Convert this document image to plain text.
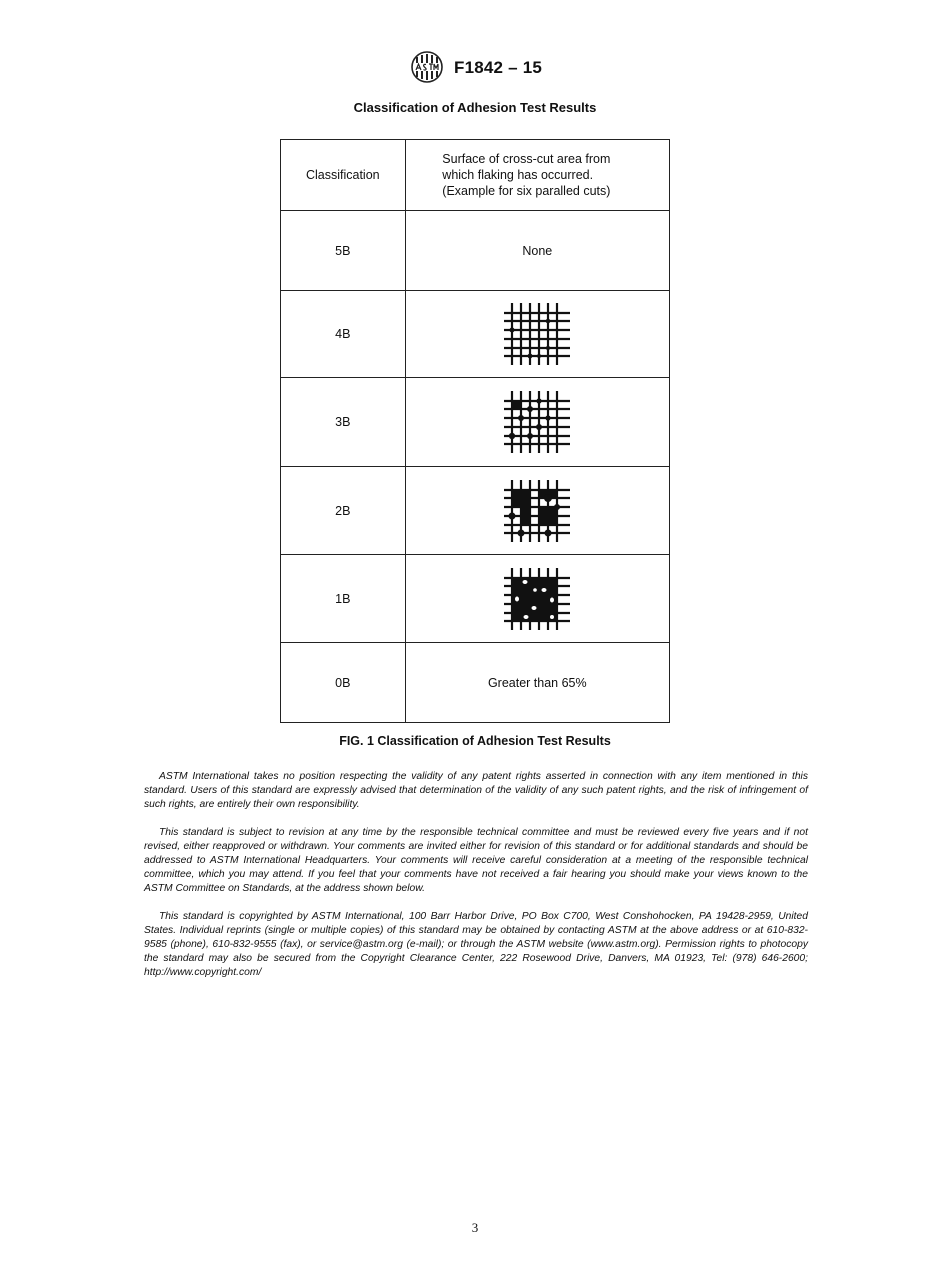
F1842 – 15
Classification of Adhesion Test Results
Classification	Surface of cross-cut area from which flaking has occurred. (Example for six paralled cuts)
5B	None
4B	

3B	

2B	

1B	

0B	Greater than 65%
FIG. 1 Classification of Adhesion Test Results

ASTM International takes no position respecting the validity of any patent rights asserted in connection with any item mentioned in this standard. Users of this standard are expressly advised that determination of the validity of any such patent rights, and the risk of infringement of such rights, are entirely their own responsibility.

This standard is subject to revision at any time by the responsible technical committee and must be reviewed every five years and if not revised, either reapproved or withdrawn. Your comments are invited either for revision of this standard or for additional standards and should be addressed to ASTM International Headquarters. Your comments will receive careful consideration at a meeting of the responsible technical committee, which you may attend. If you feel that your comments have not received a fair hearing you should make your views known to the ASTM Committee on Standards, at the address shown below.

This standard is copyrighted by ASTM International, 100 Barr Harbor Drive, PO Box C700, West Conshohocken, PA 19428-2959, United States. Individual reprints (single or multiple copies) of this standard may be obtained by contacting ASTM at the above address or at 610-832-9585 (phone), 610-832-9555 (fax), or service@astm.org (e-mail); or through the ASTM website (www.astm.org). Permission rights to photocopy the standard may also be secured from the Copyright Clearance Center, 222 Rosewood Drive, Danvers, MA 01923, Tel: (978) 646-2600; http://www.copyright.com/

3
